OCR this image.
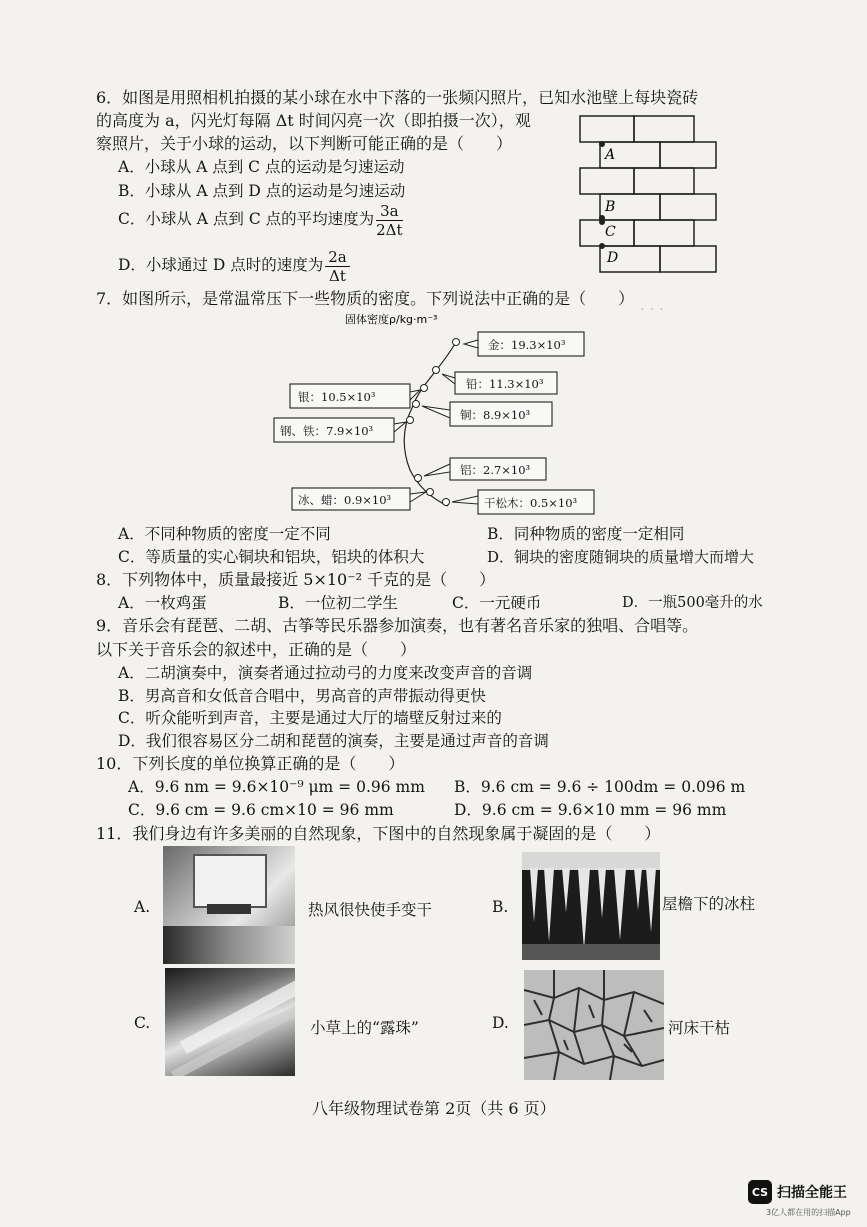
· · ·
6．如图是用照相机拍摄的某小球在水中下落的一张频闪照片，已知水池壁上每块瓷砖
的高度为 a，闪光灯每隔 Δt 时间闪亮一次（即拍摄一次），观
察照片，关于小球的运动，以下判断可能正确的是（　　）
A．小球从 A 点到 C 点的运动是匀速运动
B．小球从 A 点到 D 点的运动是匀速运动
C．小球从 A 点到 C 点的平均速度为 $\frac{3a}{2\Delta t}$
D．小球通过 D 点时的速度为 $\frac{2a}{\Delta t}$
A
B
C
D
7．如图所示，是常温常压下一些物质的密度。下列说法中正确的是（　　）
固体密度ρ/kg·m⁻³
金：19.3×10³
铅：11.3×10³
银：10.5×10³
铜：8.9×10³
钢、铁：7.9×10³
铝：2.7×10³
冰、蜡：0.9×10³	干松木：0.5×10³
A．不同种物质的密度一定不同	B．同种物质的密度一定相同
C．等质量的实心铜块和铝块，铝块的体积大	D．铜块的密度随铜块的质量增大而增大
8．下列物体中，质量最接近 5×10⁻² 千克的是（　　）
A．一枚鸡蛋	B．一位初二学生	C．一元硬币	D．一瓶500毫升的水
9．音乐会有琵琶、二胡、古筝等民乐器参加演奏，也有著名音乐家的独唱、合唱等。
以下关于音乐会的叙述中，正确的是（　　）
A．二胡演奏中，演奏者通过拉动弓的力度来改变声音的音调
B．男高音和女低音合唱中，男高音的声带振动得更快
C．听众能听到声音，主要是通过大厅的墙壁反射过来的
D．我们很容易区分二胡和琵琶的演奏，主要是通过声音的音调
10．下列长度的单位换算正确的是（　　）
A．9.6 nm = 9.6×10⁻⁹ μm = 0.96 mm B．9.6 cm = 9.6 ÷ 100dm = 0.096 m
C．9.6 cm = 9.6 cm×10 = 96 mm	D．9.6 cm = 9.6×10 mm = 96 mm
11．我们身边有许多美丽的自然现象，下图中的自然现象属于凝固的是（　　）
A.	热风很快使手变干	B.	屋檐下的冰柱
C.	小草上的“露珠”	D.	河床干枯
八年级物理试卷第 2页（共 6 页）
CS 扫描全能王
3亿人都在用的扫描App
